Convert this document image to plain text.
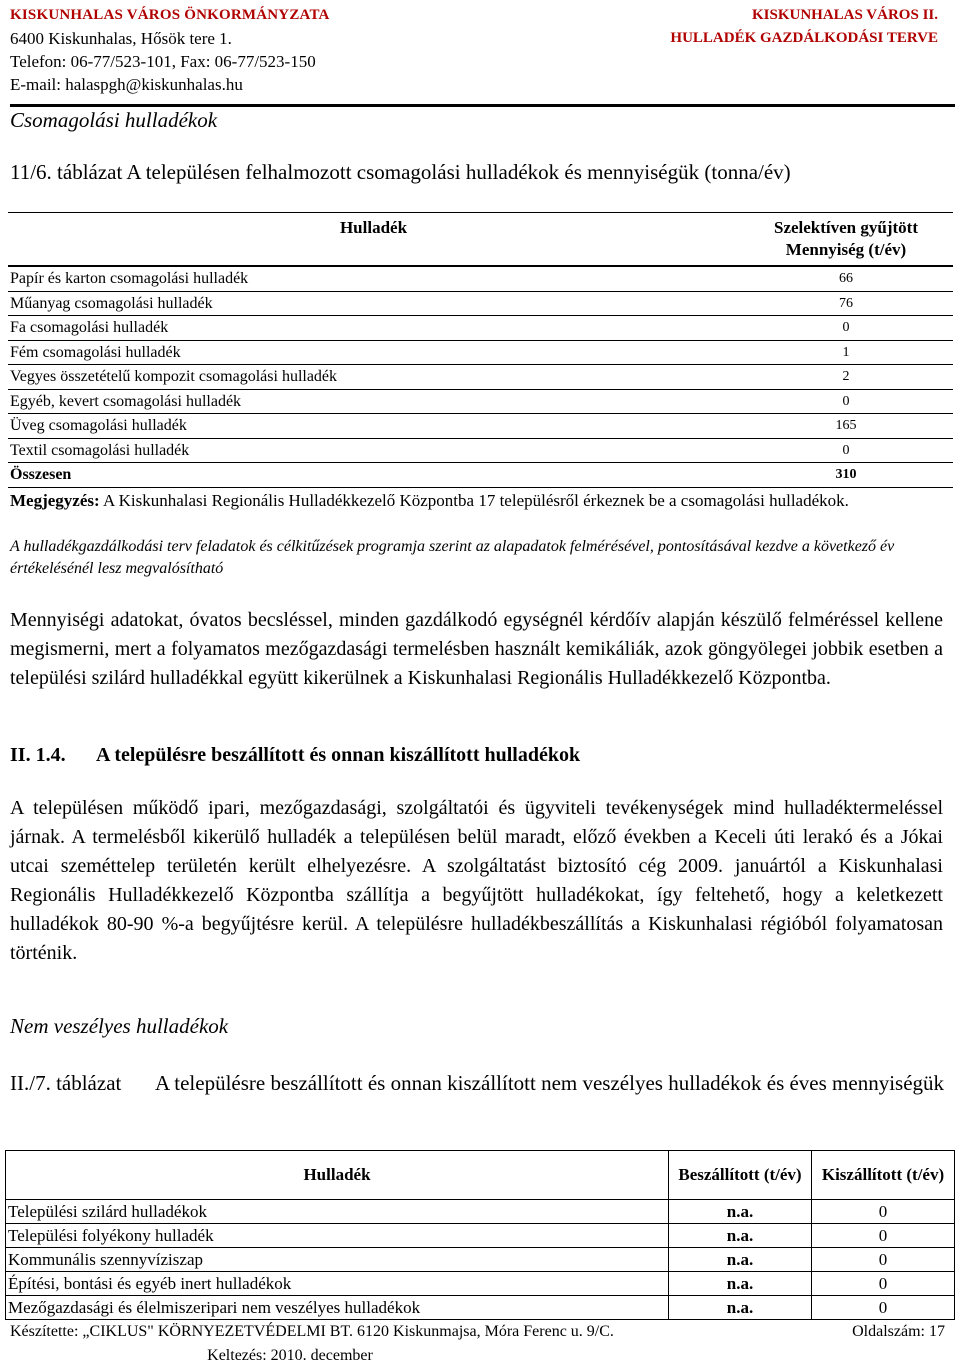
KISKUNHALAS VÁROS ÖNKORMÁNYZATA
6400 Kiskunhalas, Hősök tere 1.
Telefon: 06-77/523-101, Fax: 06-77/523-150
E-mail: halaspgh@kiskunhalas.hu
KISKUNHALAS VÁROS II.
HULLADÉK GAZDÁLKODÁSI TERVE
Csomagolási hulladékok
11/6. táblázat A településen felhalmozott csomagolási hulladékok és mennyiségük (tonna/év)
Hulladék	Szelektíven gyűjtött Mennyiség (t/év)
Papír és karton csomagolási hulladék	66
Műanyag csomagolási hulladék	76
Fa csomagolási hulladék	0
Fém csomagolási hulladék	1
Vegyes összetételű kompozit csomagolási hulladék	2
Egyéb, kevert csomagolási hulladék	0
Üveg csomagolási hulladék	165
Textil csomagolási hulladék	0
Összesen	310
Megjegyzés: A Kiskunhalasi Regionális Hulladékkezelő Központba 17 településről érkeznek be a csomagolási hulladékok.
A hulladékgazdálkodási terv feladatok és célkitűzések programja szerint az alapadatok felmérésével, pontosításával kezdve a következő év értékelésénél lesz megvalósítható
Mennyiségi adatokat, óvatos becsléssel, minden gazdálkodó egységnél kérdőív alapján készülő felméréssel kellene megismerni, mert a folyamatos mezőgazdasági termelésben használt kemikáliák, azok göngyölegei jobbik esetben a települési szilárd hulladékkal együtt kikerülnek a Kiskunhalasi Regionális Hulladékkezelő Központba.
II. 1.4. A településre beszállított és onnan kiszállított hulladékok
A településen működő ipari, mezőgazdasági, szolgáltatói és ügyviteli tevékenységek mind hulladéktermeléssel járnak. A termelésből kikerülő hulladék a településen belül maradt, előző években a Keceli úti lerakó és a Jókai utcai szeméttelep területén került elhelyezésre. A szolgáltatást biztosító cég 2009. januártól a Kiskunhalasi Regionális Hulladékkezelő Központba szállítja a begyűjtött hulladékokat, így feltehető, hogy a keletkezett hulladékok 80-90 %-a begyűjtésre kerül. A településre hulladékbeszállítás a Kiskunhalasi régióból folyamatosan történik.
Nem veszélyes hulladékok
II./7. táblázat A településre beszállított és onnan kiszállított nem veszélyes hulladékok és éves mennyiségük
Hulladék	Beszállított (t/év)	Kiszállított (t/év)
Települési szilárd hulladékok	n.a.	0
Települési folyékony hulladék	n.a.	0
Kommunális szennyvíziszap	n.a.	0
Építési, bontási és egyéb inert hulladékok	n.a.	0
Mezőgazdasági és élelmiszeripari nem veszélyes hulladékok	n.a.	0
Készítette: „CIKLUS" KÖRNYEZETVÉDELMI BT. 6120 Kiskunmajsa, Móra Ferenc u. 9/C.	Oldalszám: 17
Keltezés: 2010. december
